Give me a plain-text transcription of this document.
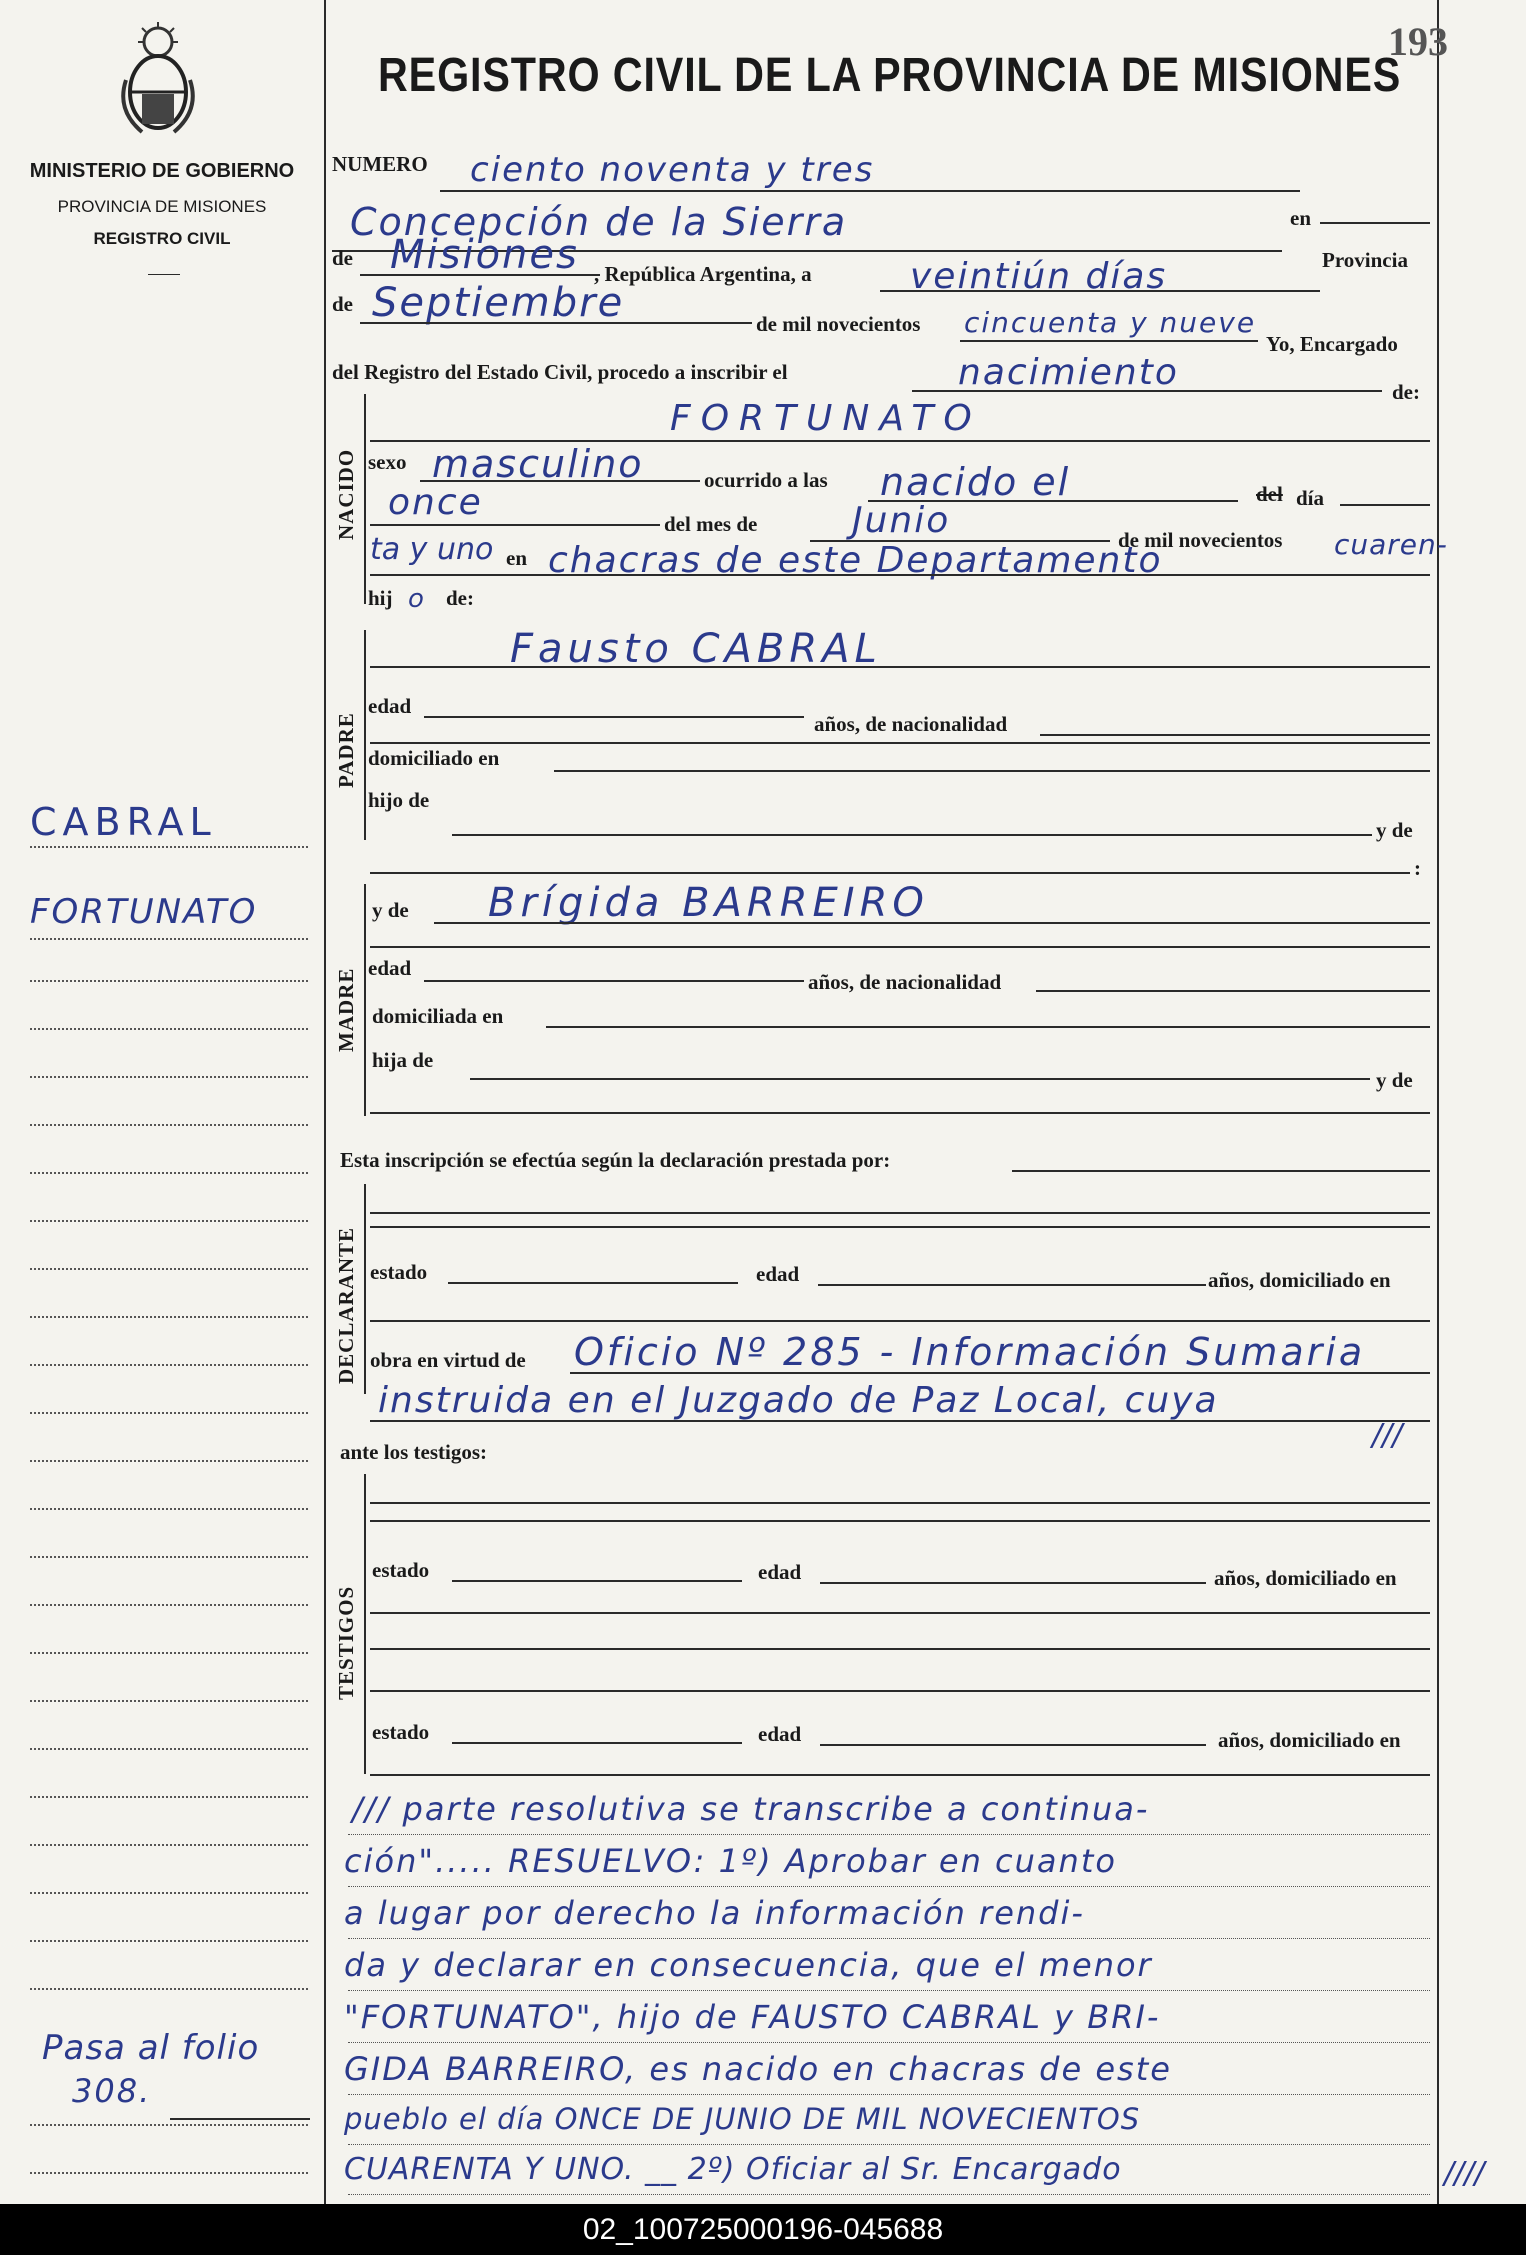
193
MINISTERIO DE GOBIERNO
PROVINCIA DE MISIONES
REGISTRO CIVIL
REGISTRO CIVIL DE LA PROVINCIA DE MISIONES
CABRAL
FORTUNATO
Pasa al folio
308.
NUMERO ciento noventa y tres
Concepción de la Sierra	en
de Misiones , República Argentina, a	veintiún días	Provincia
de Septiembre	de mil novecientos cincuenta y nueve
Yo, Encargado
del Registro del Estado Civil, procedo a inscribir el	nacimiento	de:
NACIDO
FORTUNATO
sexo masculino	ocurrido a las nacido el	del día
once
del mes de	Junio	de mil novecientos cuaren-
ta y uno en chacras de este Departamento
hij o de:
PADRE
Fausto CABRAL
edad
años, de nacionalidad
domiciliado en
hijo de
y de
:
MADRE
y de Brígida BARREIRO
edad
años, de nacionalidad
domiciliada en
hija de
y de
Esta inscripción se efectúa según la declaración prestada por:
DECLARANTE estado	edad	años, domiciliado en
obra en virtud de Oficio Nº 285 - Información Sumaria
instruida en el Juzgado de Paz Local, cuya
///
ante los testigos:
TESTIGOS
estado	edad	años, domiciliado en
estado	edad	años, domiciliado en
/// parte resolutiva se transcribe a continua-
ción"..... RESUELVO: 1º) Aprobar en cuanto
a lugar por derecho la información rendi-
da y declarar en consecuencia, que el menor
"FORTUNATO", hijo de FAUSTO CABRAL y BRI-
GIDA BARREIRO, es nacido en chacras de este
pueblo el día ONCE DE JUNIO DE MIL NOVECIENTOS
CUARENTA Y UNO. __ 2º) Oficiar al Sr. Encargado	////
02_100725000196-045688
